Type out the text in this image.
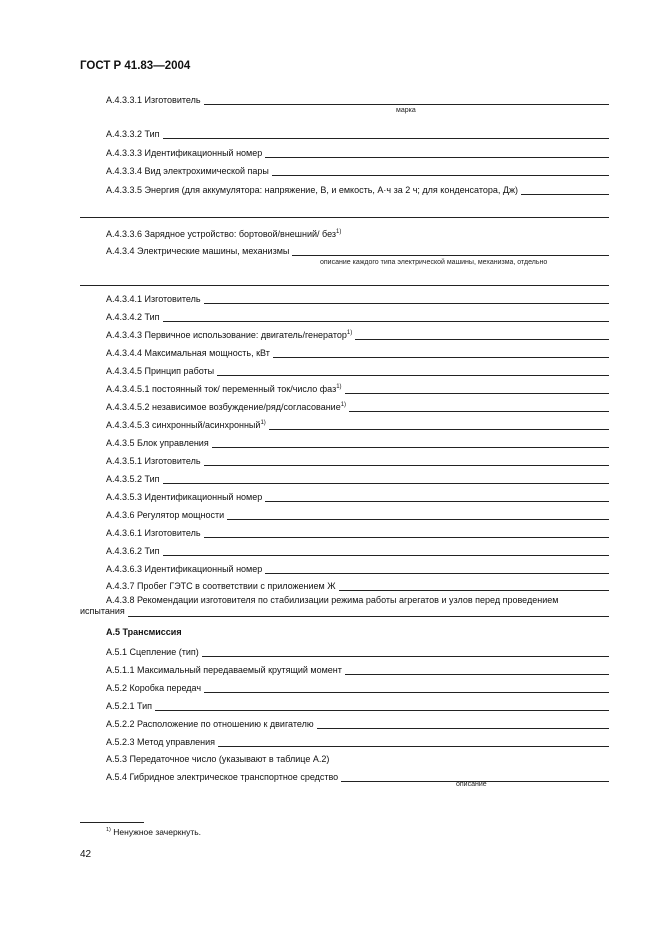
ГОСТ Р 41.83—2004
А.4.3.3.1 Изготовитель
марка
А.4.3.3.2 Тип
А.4.3.3.3 Идентификационный номер
А.4.3.3.4 Вид электрохимической пары
А.4.3.3.5 Энергия (для аккумулятора: напряжение, В, и емкость, А·ч за 2 ч; для конденсатора, Дж)
А.4.3.3.6 Зарядное устройство: бортовой/внешний/ без$^{1)}$
А.4.3.4 Электрические машины, механизмы
описание каждого типа электрической машины, механизма, отдельно
А.4.3.4.1 Изготовитель
А.4.3.4.2 Тип
А.4.3.4.3 Первичное использование: двигатель/генератор$^{1)}$
А.4.3.4.4 Максимальная мощность, кВт
А.4.3.4.5 Принцип работы
А.4.3.4.5.1 постоянный ток/ переменный ток/число фаз$^{1)}$
А.4.3.4.5.2 независимое возбуждение/ряд/согласование$^{1)}$
А.4.3.4.5.3 синхронный/асинхронный$^{1)}$
А.4.3.5 Блок управления
А.4.3.5.1 Изготовитель
А.4.3.5.2 Тип
А.4.3.5.3 Идентификационный номер
А.4.3.6 Регулятор мощности
А.4.3.6.1 Изготовитель
А.4.3.6.2 Тип
А.4.3.6.3 Идентификационный номер
А.4.3.7 Пробег ГЭТС в соответствии с приложением Ж
А.4.3.8 Рекомендации изготовителя по стабилизации режима работы агрегатов и узлов перед проведением
испытания
А.5 Трансмиссия
А.5.1 Сцепление (тип)
А.5.1.1 Максимальный передаваемый крутящий момент
А.5.2 Коробка передач
А.5.2.1 Тип
А.5.2.2 Расположение по отношению к двигателю
А.5.2.3 Метод управления
А.5.3 Передаточное число (указывают в таблице А.2)
А.5.4 Гибридное электрическое транспортное средство
описание
$^{1)}$ Ненужное зачеркнуть.
42
